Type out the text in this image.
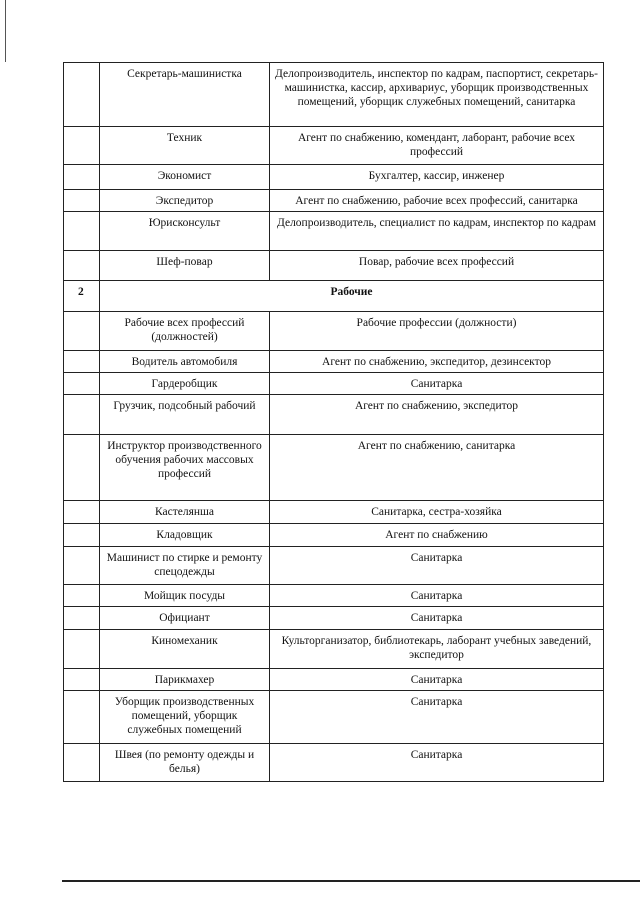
	Секретарь-машинистка	Делопроизводитель, инспектор по кадрам, паспортист, секретарь-машинистка, кассир, архивариус, уборщик производственных помещений, уборщик служебных помещений, санитарка
	Техник	Агент по снабжению, комендант, лаборант, рабочие всех профессий
	Экономист	Бухгалтер, кассир, инженер
	Экспедитор	Агент по снабжению, рабочие всех профессий, санитарка
	Юрисконсульт	Делопроизводитель, специалист по кадрам, инспектор по кадрам
	Шеф-повар	Повар, рабочие всех профессий
2	Рабочие	
	Рабочие всех профессий (должностей)	Рабочие профессии (должности)
	Водитель автомобиля	Агент по снабжению, экспедитор, дезинсектор
	Гардеробщик	Санитарка
	Грузчик, подсобный рабочий	Агент по снабжению, экспедитор
	Инструктор производственного обучения рабочих массовых профессий	Агент по снабжению, санитарка
	Кастелянша	Санитарка, сестра-хозяйка
	Кладовщик	Агент по снабжению
	Машинист по стирке и ремонту спецодежды	Санитарка
	Мойщик посуды	Санитарка
	Официант	Санитарка
	Киномеханик	Культорганизатор, библиотекарь, лаборант учебных заведений, экспедитор
	Парикмахер	Санитарка
	Уборщик производственных помещений, уборщик служебных помещений	Санитарка
	Швея (по ремонту одежды и белья)	Санитарка
